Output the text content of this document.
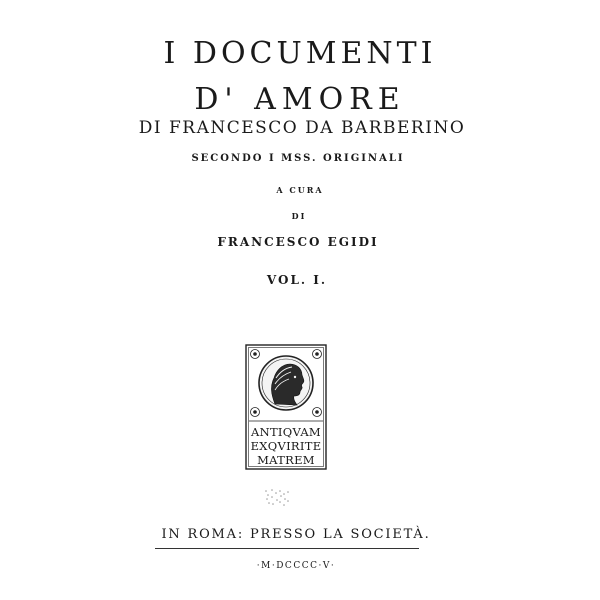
I DOCUMENTI
D' AMORE
DI FRANCESCO DA BARBERINO
SECONDO I MSS. ORIGINALI
A CURA
DI
FRANCESCO EGIDI
VOL. I.
ANTIQVAM
EXQVIRITE
MATREM
IN ROMA: PRESSO LA SOCIETÀ.
·M·DCCCC·V·
